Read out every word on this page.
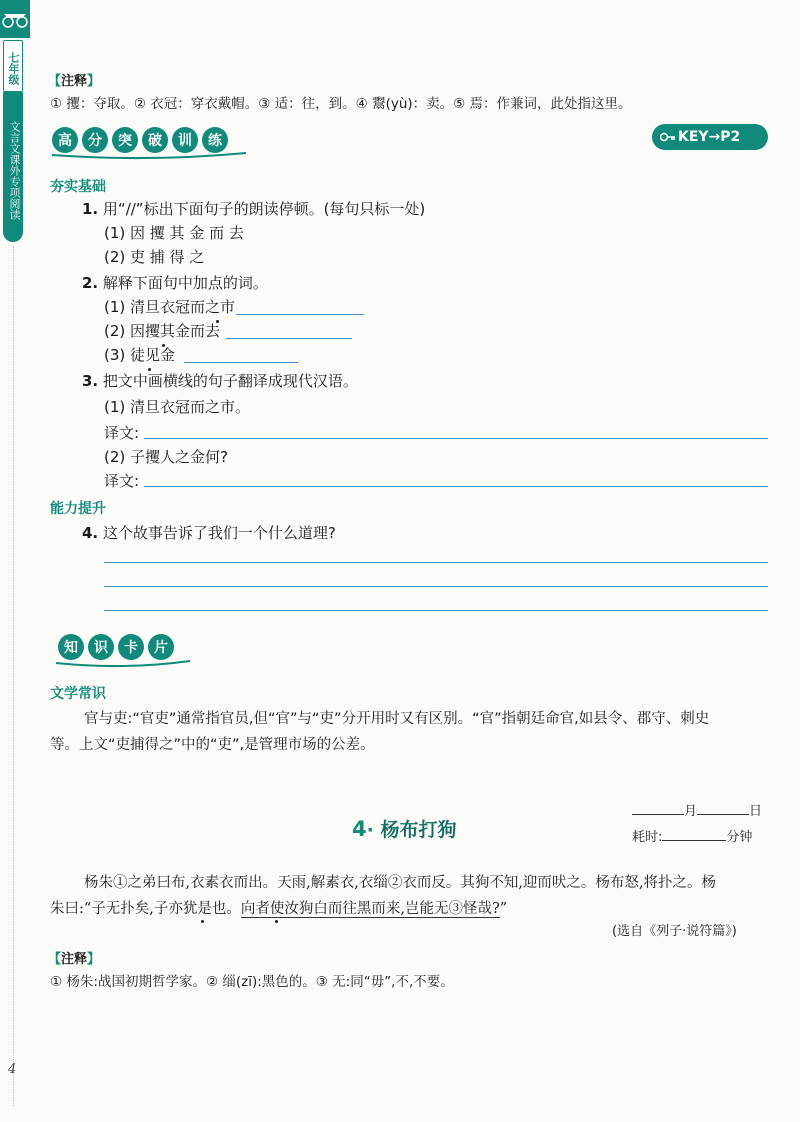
七年级
文言文课外专项阅读
4
【注释】
① 攫：夺取。② 衣冠：穿衣戴帽。③ 适：往，到。④ 鬻(yù)：卖。⑤ 焉：作兼词，此处指这里。
高	分	突	破	训	练	KEY→P2
夯实基础
1. 用“//”标出下面句子的朗读停顿。(每句只标一处)
(1) 因 攫 其 金 而 去
(2) 吏 捕 得 之
2. 解释下面句中加点的词。
(1) 清旦衣冠而之市
(2) 因攫其金而去
(3) 徒见金
3. 把文中画横线的句子翻译成现代汉语。
(1) 清旦衣冠而之市。
译文:
(2) 子攫人之金何?
译文:
能力提升
4. 这个故事告诉了我们一个什么道理?
知	识	卡	片
文学常识
官与吏:“官吏”通常指官员,但“官”与“吏”分开用时又有区别。“官”指朝廷命官,如县令、郡守、刺史
等。上文“吏捕得之”中的“吏”,是管理市场的公差。
月	日
4· 杨布打狗	耗时:	分钟
杨朱①之弟曰布,衣素衣而出。天雨,解素衣,衣缁②衣而反。其狗不知,迎而吠之。杨布怒,将扑之。杨
朱曰:“子无扑矣,子亦犹是也。向者使汝狗白而往黑而来,岂能无③怪哉?”
(选自《列子·说符篇》)
【注释】
① 杨朱:战国初期哲学家。② 缁(zī):黑色的。③ 无:同“毋”,不,不要。
